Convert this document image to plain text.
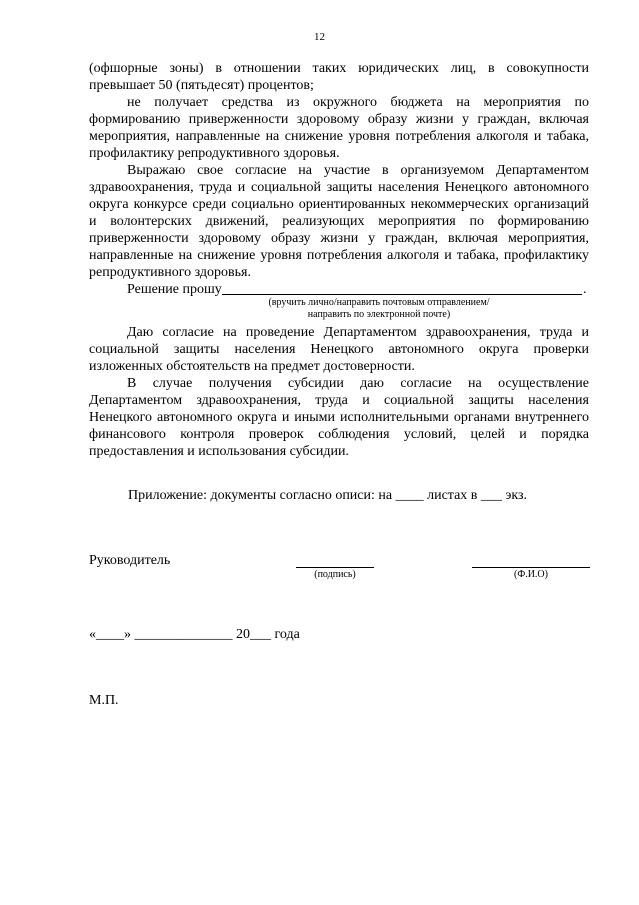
12

(офшорные зоны) в отношении таких юридических лиц, в совокупности превышает 50 (пятьдесят) процентов;

не получает средства из окружного бюджета на мероприятия по формированию приверженности здоровому образу жизни у граждан, включая мероприятия, направленные на снижение уровня потребления алкоголя и табака, профилактику репродуктивного здоровья.

Выражаю свое согласие на участие в организуемом Департаментом здравоохранения, труда и социальной защиты населения Ненецкого автономного округа конкурсе среди социально ориентированных некоммерческих организаций и волонтерских движений, реализующих мероприятия по формированию приверженности здоровому образу жизни у граждан, включая мероприятия, направленные на снижение уровня потребления алкоголя и табака, профилактику репродуктивного здоровья.

Решение прошу	.
(вручить лично/направить почтовым отправлением/
направить по электронной почте)

Даю согласие на проведение Департаментом здравоохранения, труда и социальной защиты населения Ненецкого автономного округа проверки изложенных обстоятельств на предмет достоверности.

В случае получения субсидии даю согласие на осуществление Департаментом здравоохранения, труда и социальной защиты населения Ненецкого автономного округа и иными исполнительными органами внутреннего финансового контроля проверок соблюдения условий, целей и порядка предоставления и использования субсидии.

Приложение: документы согласно описи: на ____ листах в ___ экз.
Руководитель
(подпись)	(Ф.И.О)
«____» ______________ 20___ года
М.П.
